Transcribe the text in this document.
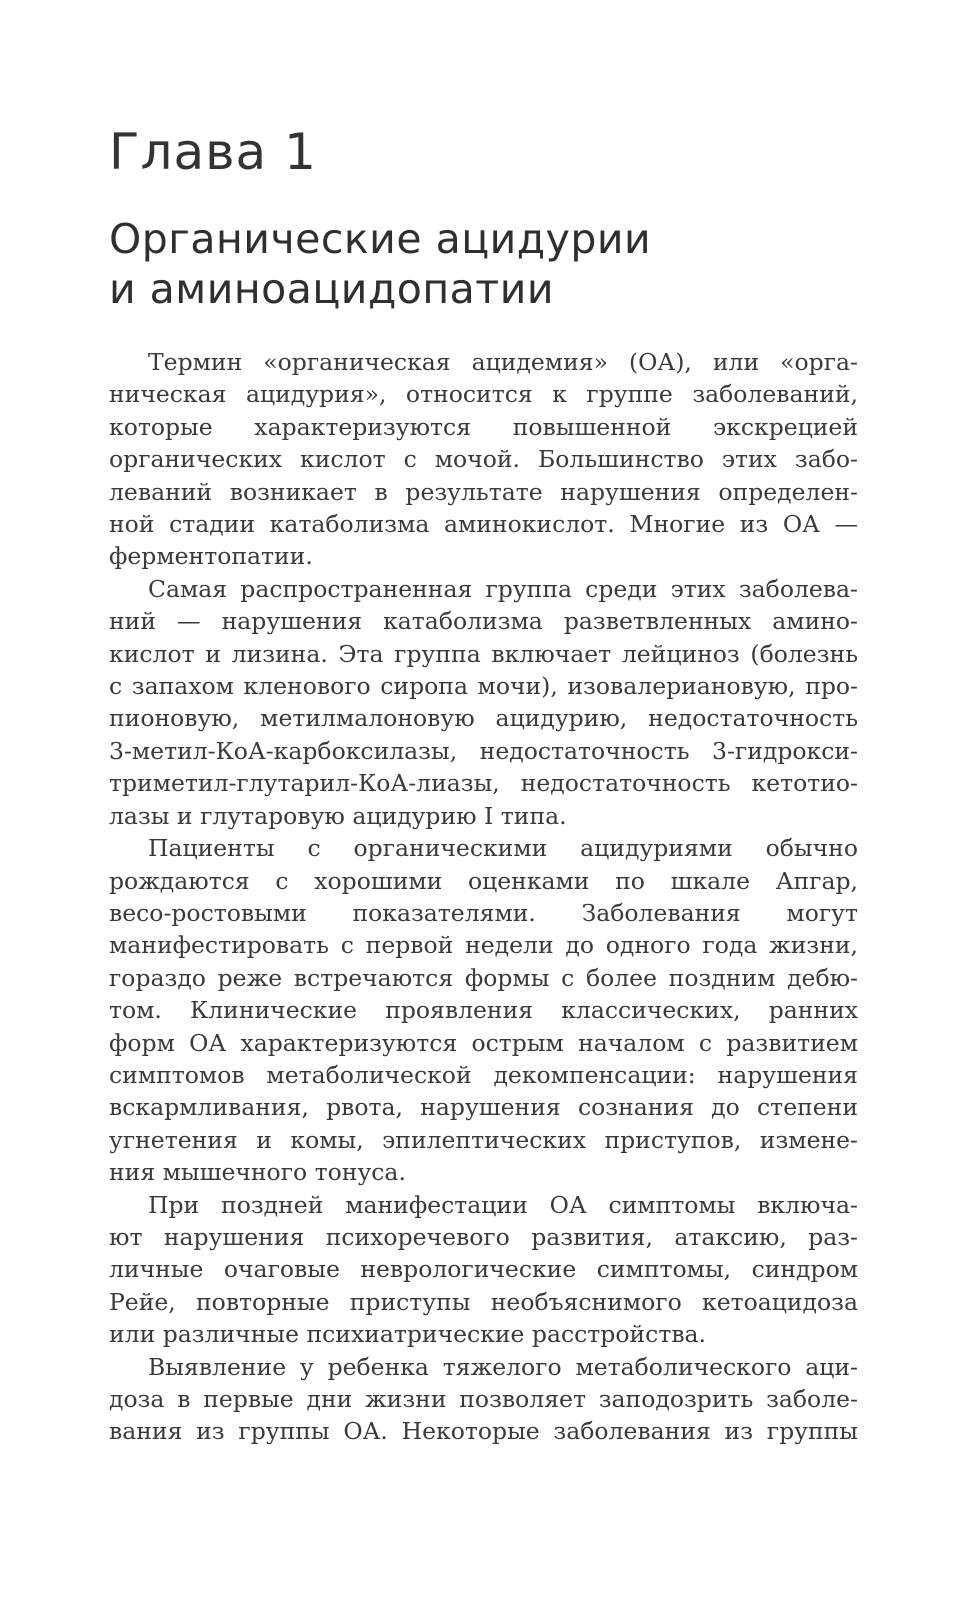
Глава 1
Органические ацидурии
и аминоацидопатии

Термин «органическая ацидемия» (ОА), или «орга-
ническая ацидурия», относится к группе заболеваний,
которые характеризуются повышенной экскрецией
органических кислот с мочой. Большинство этих забо-
леваний возникает в результате нарушения определен-
ной стадии катаболизма аминокислот. Многие из ОА —
ферментопатии.

Самая распространенная группа среди этих заболева-
ний — нарушения катаболизма разветвленных амино-
кислот и лизина. Эта группа включает лейциноз (болезнь
с запахом кленового сиропа мочи), изовалериановую, про-
пионовую, метилмалоновую ацидурию, недостаточность
3-метил-КоА-карбоксилазы, недостаточность 3-гидрокси-
триметил-глутарил-КоА-лиазы, недостаточность кетотио-
лазы и глутаровую ацидурию I типа.

Пациенты с органическими ацидуриями обычно
рождаются с хорошими оценками по шкале Апгар,
весо-ростовыми показателями. Заболевания могут
манифестировать с первой недели до одного года жизни,
гораздо реже встречаются формы с более поздним дебю-
том. Клинические проявления классических, ранних
форм ОА характеризуются острым началом с развитием
симптомов метаболической декомпенсации: нарушения
вскармливания, рвота, нарушения сознания до степени
угнетения и комы, эпилептических приступов, измене-
ния мышечного тонуса.

При поздней манифестации ОА симптомы включа-
ют нарушения психоречевого развития, атаксию, раз-
личные очаговые неврологические симптомы, синдром
Рейе, повторные приступы необъяснимого кетоацидоза
или различные психиатрические расстройства.

Выявление у ребенка тяжелого метаболического аци-
доза в первые дни жизни позволяет заподозрить заболе-
вания из группы ОА. Некоторые заболевания из группы
